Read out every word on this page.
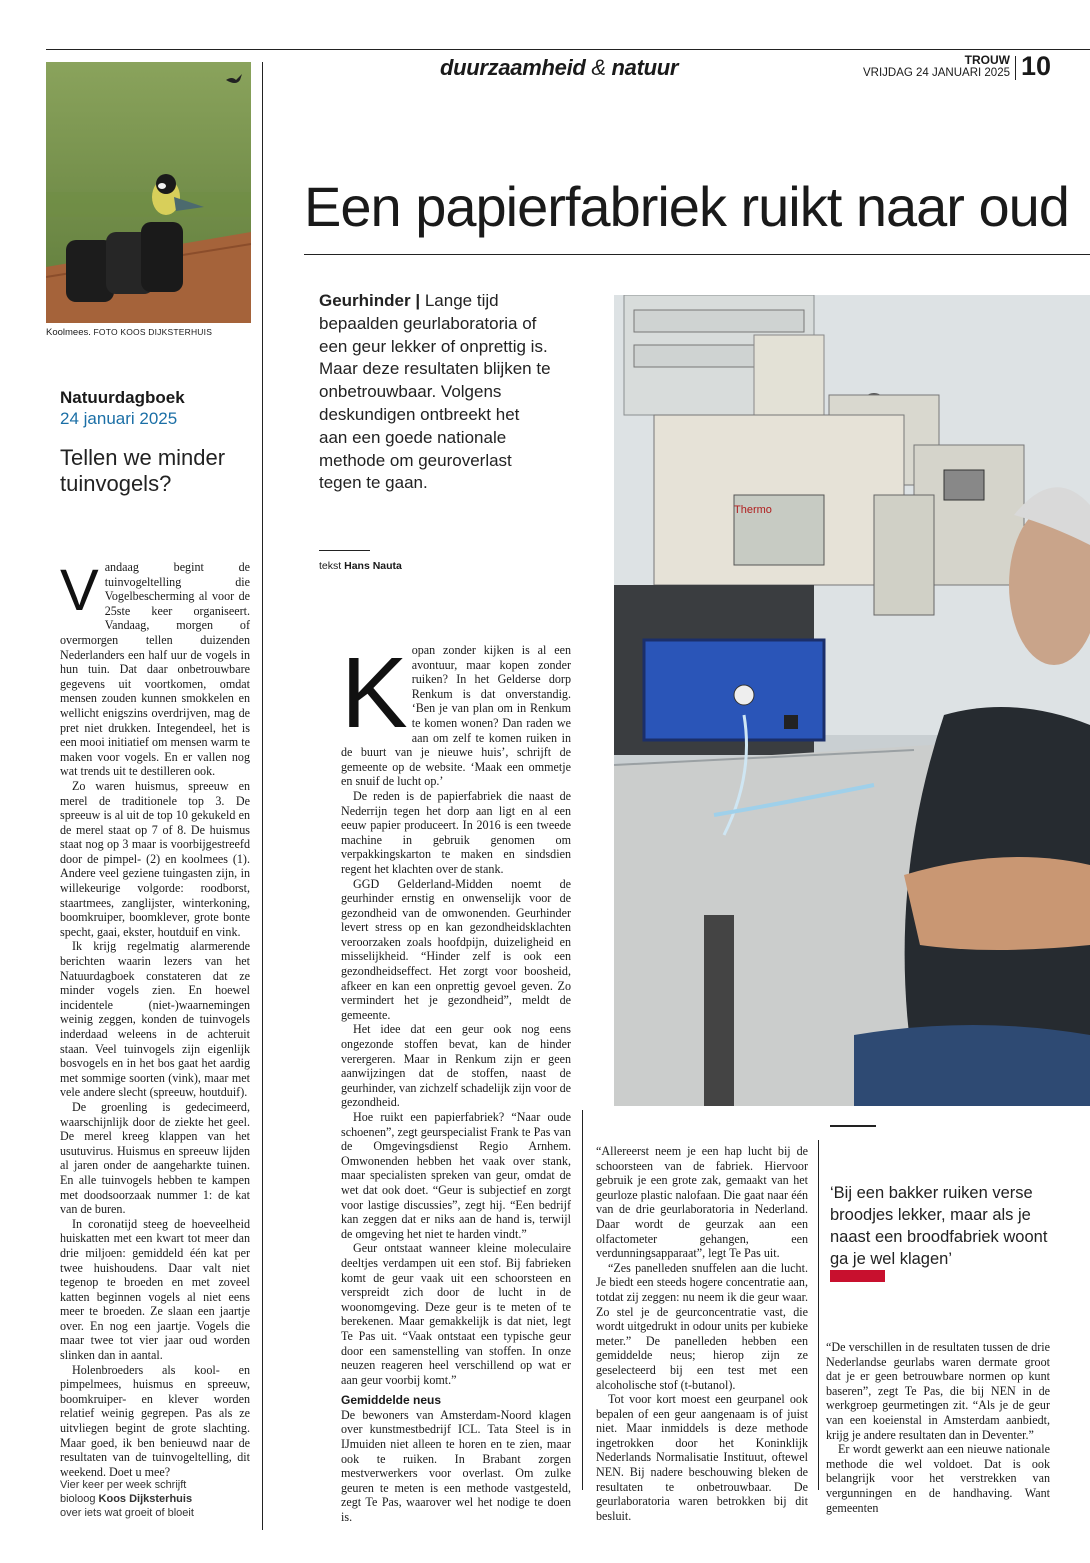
duurzaamheid & natuur	TROUW
VRIJDAG 24 JANUARI 2025 10
Koolmees. FOTO KOOS DIJKSTERHUIS
Natuurdagboek
24 januari 2025
Tellen we minder tuinvogels?
V andaag begint de tuinvogeltelling die Vogelbescherming al voor de 25ste keer organiseert. Vandaag, morgen of overmorgen tellen duizenden Nederlanders een half uur de vogels in hun tuin. Dat daar onbetrouwbare gegevens uit voortkomen, omdat mensen zouden kunnen smokkelen en wellicht enigszins overdrijven, mag de pret niet drukken. Integendeel, het is een mooi initiatief om mensen warm te maken voor vogels. En er vallen nog wat trends uit te destilleren ook.

Zo waren huismus, spreeuw en merel de traditionele top 3. De spreeuw is al uit de top 10 gekukeld en de merel staat op 7 of 8. De huismus staat nog op 3 maar is voorbijgestreefd door de pimpel- (2) en koolmees (1). Andere veel geziene tuingasten zijn, in willekeurige volgorde: roodborst, staartmees, zanglijster, winterkoning, boomkruiper, boomklever, grote bonte specht, gaai, ekster, houtduif en vink.

Ik krijg regelmatig alarmerende berichten waarin lezers van het Natuurdagboek constateren dat ze minder vogels zien. En hoewel incidentele (niet-)waarnemingen weinig zeggen, konden de tuinvogels inderdaad weleens in de achteruit staan. Veel tuinvogels zijn eigenlijk bosvogels en in het bos gaat het aardig met sommige soorten (vink), maar met vele andere slecht (spreeuw, houtduif).

De groenling is gedecimeerd, waarschijnlijk door de ziekte het geel. De merel kreeg klappen van het usutuvirus. Huismus en spreeuw lijden al jaren onder de aangeharkte tuinen. En alle tuinvogels hebben te kampen met doodsoorzaak nummer 1: de kat van de buren.

In coronatijd steeg de hoeveelheid huiskatten met een kwart tot meer dan drie miljoen: gemiddeld één kat per twee huishoudens. Daar valt niet tegenop te broeden en met zoveel katten beginnen vogels al niet eens meer te broeden. Ze slaan een jaartje over. En nog een jaartje. Vogels die maar twee tot vier jaar oud worden slinken dan in aantal.

Holenbroeders als kool- en pimpelmees, huismus en spreeuw, boomkruiper- en klever worden relatief weinig gegrepen. Pas als ze uitvliegen begint de grote slachting. Maar goed, ik ben benieuwd naar de resultaten van de tuinvogeltelling, dit weekend. Doet u mee?

Vier keer per week schrijft
bioloog Koos Dijksterhuis
over iets wat groeit of bloeit
Een papierfabriek ruikt naar oud
Geurhinder | Lange tijd bepaalden geurlaboratoria of een geur lekker of onprettig is. Maar deze resultaten blijken te onbetrouwbaar. Volgens deskundigen ontbreekt het aan een goede nationale methode om geuroverlast tegen te gaan.
tekst Hans Nauta
Thermo
K opan zonder kijken is al een avontuur, maar kopen zonder ruiken? In het Gelderse dorp Renkum is dat onverstandig. ‘Ben je van plan om in Renkum te komen wonen? Dan raden we aan om zelf te komen ruiken in de buurt van je nieuwe huis’, schrijft de gemeente op de website. ‘Maak een ommetje en snuif de lucht op.’

De reden is de papierfabriek die naast de Nederrijn tegen het dorp aan ligt en al een eeuw papier produceert. In 2016 is een tweede machine in gebruik genomen om verpakkingskarton te maken en sindsdien regent het klachten over de stank.

GGD Gelderland-Midden noemt de geurhinder ernstig en onwenselijk voor de gezondheid van de omwonenden. Geurhinder levert stress op en kan gezondheidsklachten veroorzaken zoals hoofdpijn, duizeligheid en misselijkheid. “Hinder zelf is ook een gezondheidseffect. Het zorgt voor boosheid, afkeer en kan een onprettig gevoel geven. Zo vermindert het je gezondheid”, meldt de gemeente.

Het idee dat een geur ook nog eens ongezonde stoffen bevat, kan de hinder verergeren. Maar in Renkum zijn er geen aanwijzingen dat de stoffen, naast de geurhinder, van zichzelf schadelijk zijn voor de gezondheid.

Hoe ruikt een papierfabriek? “Naar oude schoenen”, zegt geurspecialist Frank te Pas van de Omgevingsdienst Regio Arnhem. Omwonenden hebben het vaak over stank, maar specialisten spreken van geur, omdat de wet dat ook doet. “Geur is subjectief en zorgt voor lastige discussies”, zegt hij. “Een bedrijf kan zeggen dat er niks aan de hand is, terwijl de omgeving het niet te harden vindt.”

Geur ontstaat wanneer kleine moleculaire deeltjes verdampen uit een stof. Bij fabrieken komt de geur vaak uit een schoorsteen en verspreidt zich door de lucht in de woonomgeving. Deze geur is te meten of te berekenen. Maar gemakkelijk is dat niet, legt Te Pas uit. “Vaak ontstaat een typische geur door een samenstelling van stoffen. In onze neuzen reageren heel verschillend op wat er aan geur voorbij komt.”

Gemiddelde neus

De bewoners van Amsterdam-Noord klagen over kunstmestbedrijf ICL. Tata Steel is in IJmuiden niet alleen te horen en te zien, maar ook te ruiken. In Brabant zorgen mestverwerkers voor overlast. Om zulke geuren te meten is een methode vastgesteld, zegt Te Pas, waarover wel het nodige te doen is.

“Allereerst neem je een hap lucht bij de schoorsteen van de fabriek. Hiervoor gebruik je een grote zak, gemaakt van het geurloze plastic nalofaan. Die gaat naar één van de drie geurlaboratoria in Nederland. Daar wordt de geurzak aan een olfactometer gehangen, een verdunningsapparaat”, legt Te Pas uit.

“Zes panelleden snuffelen aan die lucht. Je biedt een steeds hogere concentratie aan, totdat zij zeggen: nu neem ik die geur waar. Zo stel je de geurconcentratie vast, die wordt uitgedrukt in odour units per kubieke meter.” De panelleden hebben een gemiddelde neus; hierop zijn ze geselecteerd bij een test met een alcoholische stof (t-butanol).

Tot voor kort moest een geurpanel ook bepalen of een geur aangenaam is of juist niet. Maar inmiddels is deze methode ingetrokken door het Koninklijk Nederlands Normalisatie Instituut, oftewel NEN. Bij nadere beschouwing bleken de resultaten te onbetrouwbaar. De geurlaboratoria waren betrokken bij dit besluit.

‘Bij een bakker ruiken verse broodjes lekker, maar als je naast een broodfabriek woont ga je wel klagen’

“De verschillen in de resultaten tussen de drie Nederlandse geurlabs waren dermate groot dat je er geen betrouwbare normen op kunt baseren”, zegt Te Pas, die bij NEN in de werkgroep geurmetingen zit. “Als je de geur van een koeienstal in Amsterdam aanbiedt, krijg je andere resultaten dan in Deventer.”

Er wordt gewerkt aan een nieuwe nationale methode die wel voldoet. Dat is ook belangrijk voor het verstrekken van vergunningen en de handhaving. Want gemeenten
